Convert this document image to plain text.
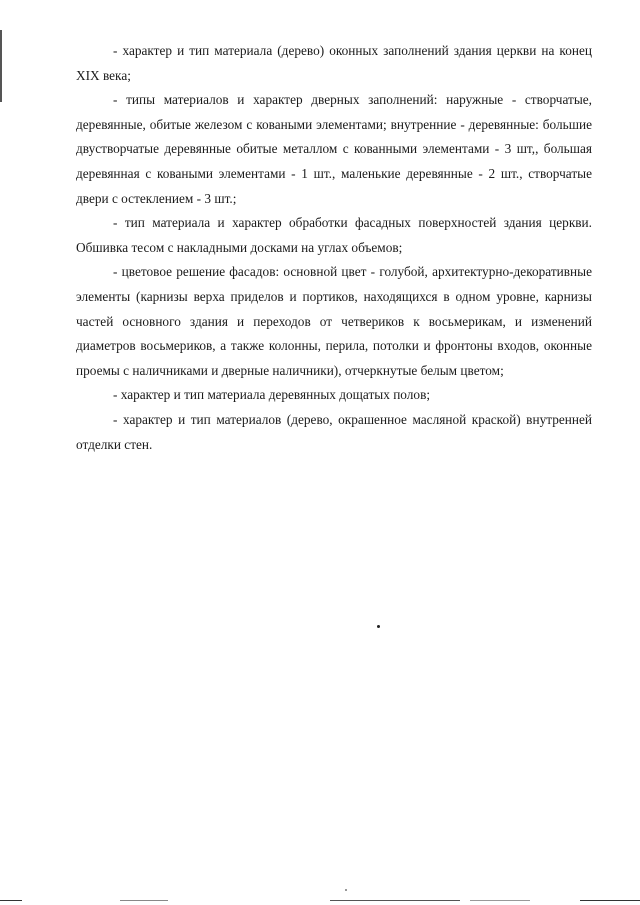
- характер и тип материала (дерево) оконных заполнений здания церкви на конец XIX века;

- типы материалов и характер дверных заполнений: наружные - створчатые, деревянные, обитые железом с коваными элементами; внутренние - деревянные: большие двустворчатые деревянные обитые металлом с кованными элементами - 3 шт,, большая деревянная с коваными элементами - 1 шт., маленькие деревянные - 2 шт., створчатые двери с остеклением - 3 шт.;

- тип материала и характер обработки фасадных поверхностей здания церкви. Обшивка тесом с накладными досками на углах объемов;

- цветовое решение фасадов: основной цвет - голубой, архитектурно-декоративные элементы (карнизы верха приделов и портиков, находящихся в одном уровне, карнизы частей основного здания и переходов от четвериков к восьмерикам, и изменений диаметров восьмериков, а также колонны, перила, потолки и фронтоны входов, оконные проемы с наличниками и дверные наличники), отчеркнутые белым цветом;

- характер и тип материала деревянных дощатых полов;

- характер и тип материалов (дерево, окрашенное масляной краской) внутренней отделки стен.
